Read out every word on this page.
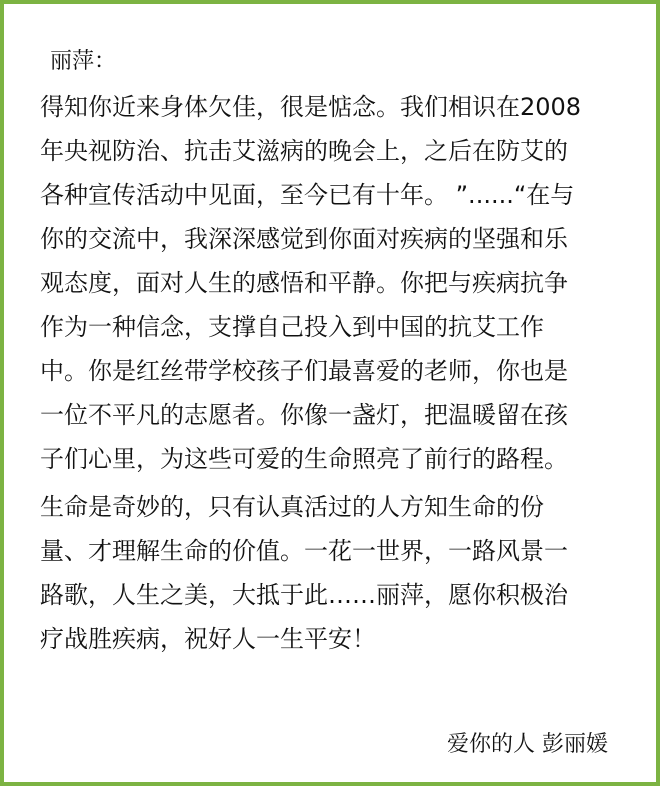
丽萍：
得知你近来身体欠佳，很是惦念。我们相识在2008
年央视防治、抗击艾滋病的晚会上，之后在防艾的
各种宣传活动中见面，至今已有十年。 ”......“在与
你的交流中，我深深感觉到你面对疾病的坚强和乐
观态度，面对人生的感悟和平静。你把与疾病抗争
作为一种信念，支撑自己投入到中国的抗艾工作
中。你是红丝带学校孩子们最喜爱的老师，你也是
一位不平凡的志愿者。你像一盏灯，把温暖留在孩
子们心里，为这些可爱的生命照亮了前行的路程。
生命是奇妙的，只有认真活过的人方知生命的份
量、才理解生命的价值。一花一世界，一路风景一
路歌，人生之美，大抵于此……丽萍，愿你积极治
疗战胜疾病，祝好人一生平安！
爱你的人 彭丽媛
